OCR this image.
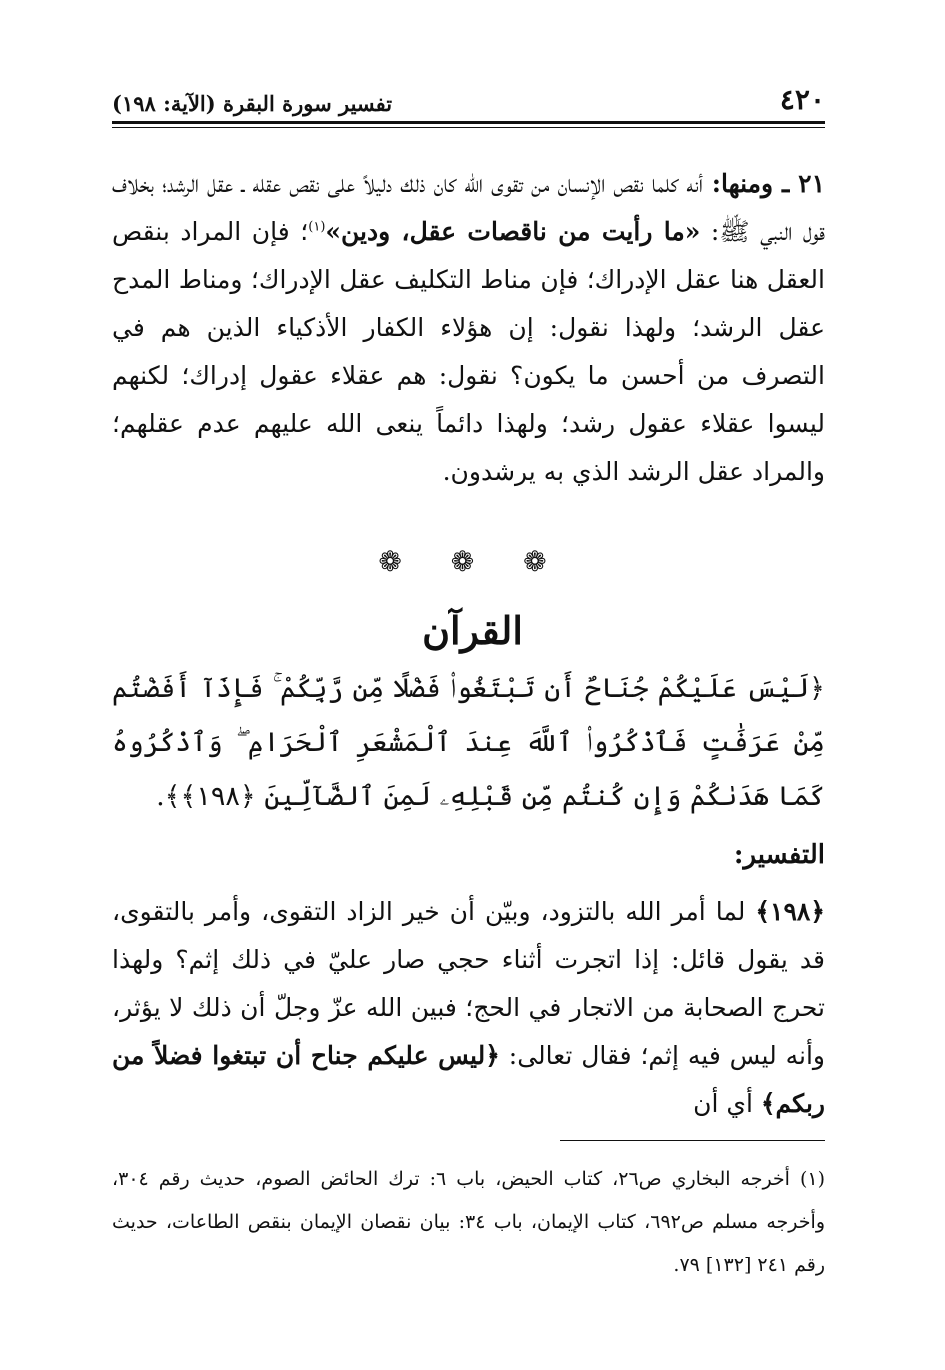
٤٢٠
تفسير سورة البقرة (الآية: ١٩٨)

٢١ ـ ومنها: أنه كلما نقص الإنسان من تقوى الله كان ذلك دليلاً على نقص عقله ـ عقل الرشد؛ بخلاف قول النبي ﷺ: «ما رأيت من ناقصات عقل، ودين»$^{(١)}$؛ فإن المراد بنقص العقل هنا عقل الإدراك؛ فإن مناط التكليف عقل الإدراك؛ ومناط المدح عقل الرشد؛ ولهذا نقول: إن هؤلاء الكفار الأذكياء الذين هم في التصرف من أحسن ما يكون؟ نقول: هم عقلاء عقول إدراك؛ لكنهم ليسوا عقلاء عقول رشد؛ ولهذا دائماً ينعى الله عليهم عدم عقلهم؛ والمراد عقل الرشد الذي به يرشدون.

❁ ❁ ❁
القرآن

﴿لَيْسَ عَلَيْكُمْ جُنَاحٌ أَن تَبْتَغُوا۟ فَضْلًا مِّن رَّبِّكُمْ ۚ فَإِذَآ أَفَضْتُم مِّنْ عَرَفَٰتٍ فَٱذْكُرُوا۟ ٱللَّهَ عِندَ ٱلْمَشْعَرِ ٱلْحَرَامِ ۖ وَٱذْكُرُوهُ كَمَا هَدَىٰكُمْ وَإِن كُنتُم مِّن قَبْلِهِۦ لَمِنَ ٱلضَّآلِّينَ ﴿١٩٨﴾﴾.

التفسير:

﴿١٩٨﴾ لما أمر الله بالتزود، وبيّن أن خير الزاد التقوى، وأمر بالتقوى، قد يقول قائل: إذا اتجرت أثناء حجي صار عليّ في ذلك إثم؟ ولهذا تحرج الصحابة من الاتجار في الحج؛ فبين الله عزّ وجلّ أن ذلك لا يؤثر، وأنه ليس فيه إثم؛ فقال تعالى: ﴿ليس عليكم جناح أن تبتغوا فضلاً من ربكم﴾ أي أن

(١) أخرجه البخاري ص٢٦، كتاب الحيض، باب ٦: ترك الحائض الصوم، حديث رقم ٣٠٤، وأخرجه مسلم ص٦٩٢، كتاب الإيمان، باب ٣٤: بيان نقصان الإيمان بنقص الطاعات، حديث رقم ٢٤١ [١٣٢] ٧٩.
